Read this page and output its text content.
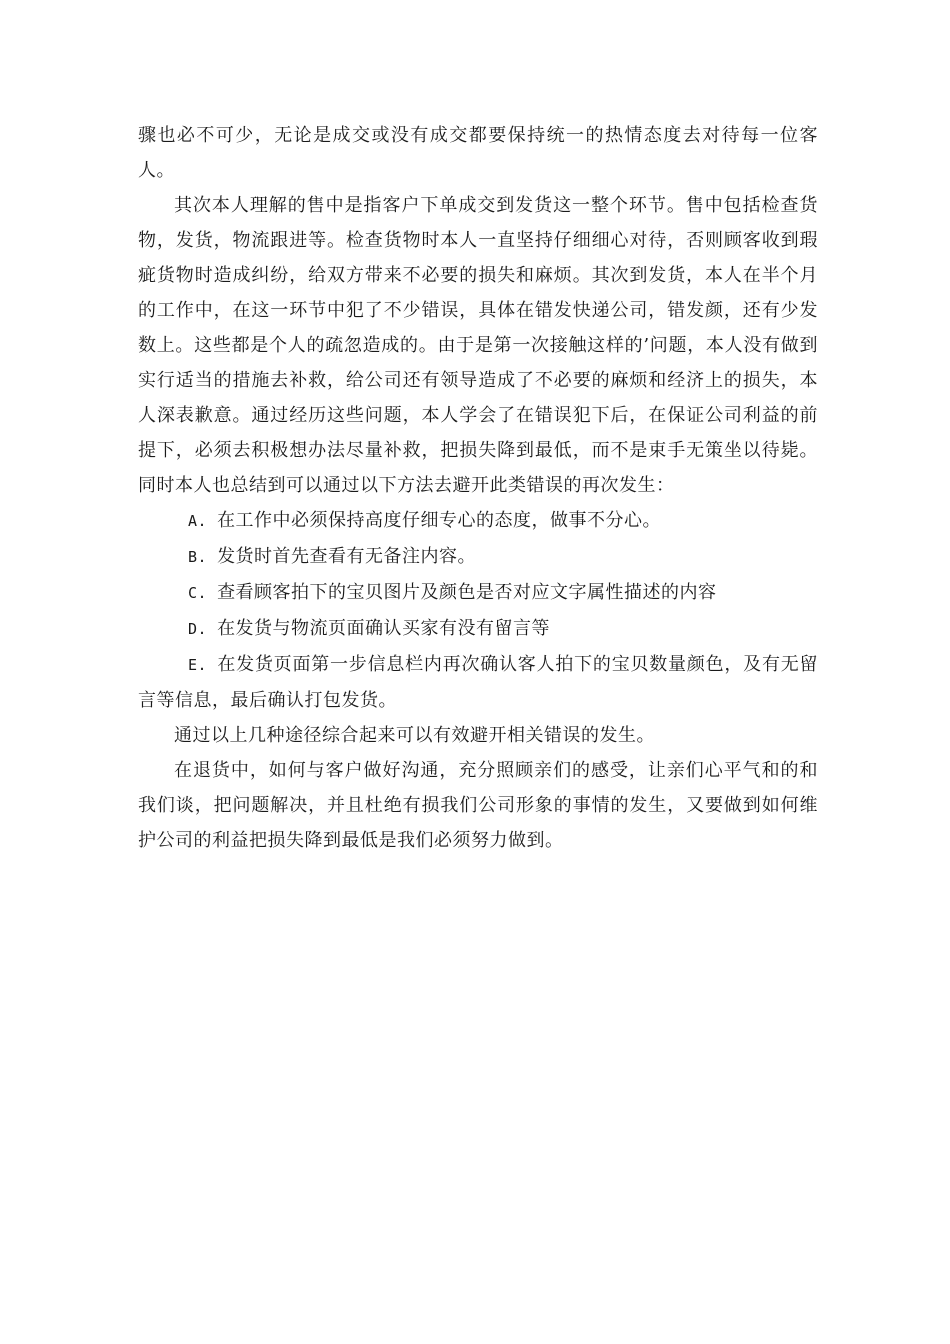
骤也必不可少，无论是成交或没有成交都要保持统一的热情态度去对待每一位客人。

其次本人理解的售中是指客户下单成交到发货这一整个环节。售中包括检查货物，发货，物流跟进等。检查货物时本人一直坚持仔细细心对待，否则顾客收到瑕疵货物时造成纠纷，给双方带来不必要的损失和麻烦。其次到发货，本人在半个月的工作中，在这一环节中犯了不少错误，具体在错发快递公司，错发颜，还有少发数上。这些都是个人的疏忽造成的。由于是第一次接触这样的’问题，本人没有做到实行适当的措施去补救，给公司还有领导造成了不必要的麻烦和经济上的损失，本人深表歉意。通过经历这些问题，本人学会了在错误犯下后，在保证公司利益的前提下，必须去积极想办法尽量补救，把损失降到最低，而不是束手无策坐以待毙。同时本人也总结到可以通过以下方法去避开此类错误的再次发生：

A. 在工作中必须保持高度仔细专心的态度，做事不分心。

B. 发货时首先查看有无备注内容。

C. 查看顾客拍下的宝贝图片及颜色是否对应文字属性描述的内容

D. 在发货与物流页面确认买家有没有留言等

E. 在发货页面第一步信息栏内再次确认客人拍下的宝贝数量颜色，及有无留言等信息，最后确认打包发货。

通过以上几种途径综合起来可以有效避开相关错误的发生。

在退货中，如何与客户做好沟通，充分照顾亲们的感受，让亲们心平气和的和我们谈，把问题解决，并且杜绝有损我们公司形象的事情的发生，又要做到如何维护公司的利益把损失降到最低是我们必须努力做到。
